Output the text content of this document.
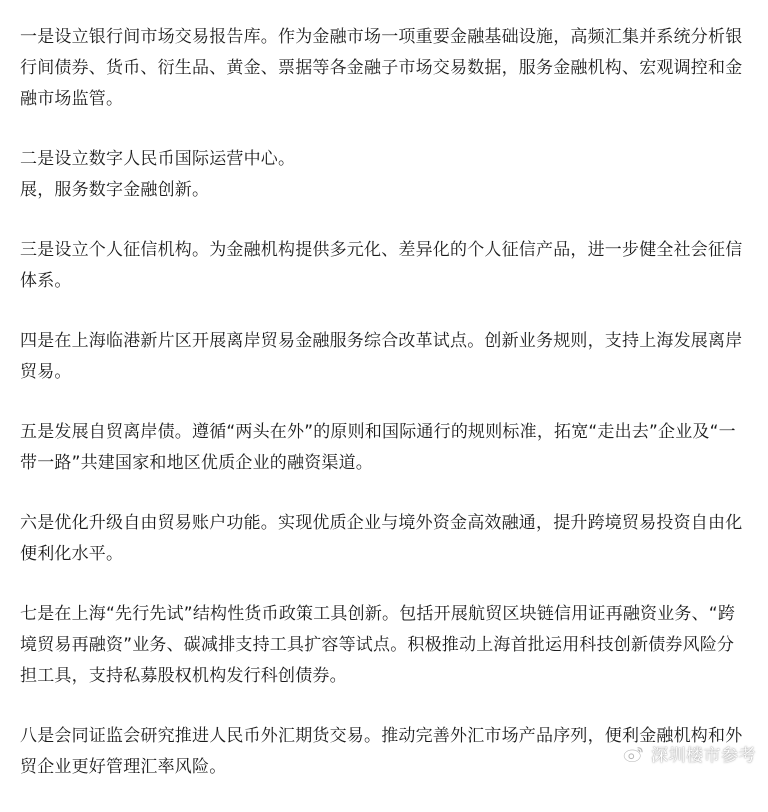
一是设立银行间市场交易报告库。作为金融市场一项重要金融基础设施，高频汇集并系统分析银行间债券、货币、衍生品、黄金、票据等各金融子市场交易数据，服务金融机构、宏观调控和金融市场监管。

二是设立数字人民币国际运营中心。
展，服务数字金融创新。

三是设立个人征信机构。为金融机构提供多元化、差异化的个人征信产品，进一步健全社会征信体系。

四是在上海临港新片区开展离岸贸易金融服务综合改革试点。创新业务规则，支持上海发展离岸贸易。

五是发展自贸离岸债。遵循“两头在外”的原则和国际通行的规则标准，拓宽“走出去”企业及“一带一路”共建国家和地区优质企业的融资渠道。

六是优化升级自由贸易账户功能。实现优质企业与境外资金高效融通，提升跨境贸易投资自由化便利化水平。

七是在上海“先行先试”结构性货币政策工具创新。包括开展航贸区块链信用证再融资业务、“跨境贸易再融资”业务、碳减排支持工具扩容等试点。积极推动上海首批运用科技创新债券风险分担工具，支持私募股权机构发行科创债券。

八是会同证监会研究推进人民币外汇期货交易。推动完善外汇市场产品序列，便利金融机构和外贸企业更好管理汇率风险。

深圳楼市参考
